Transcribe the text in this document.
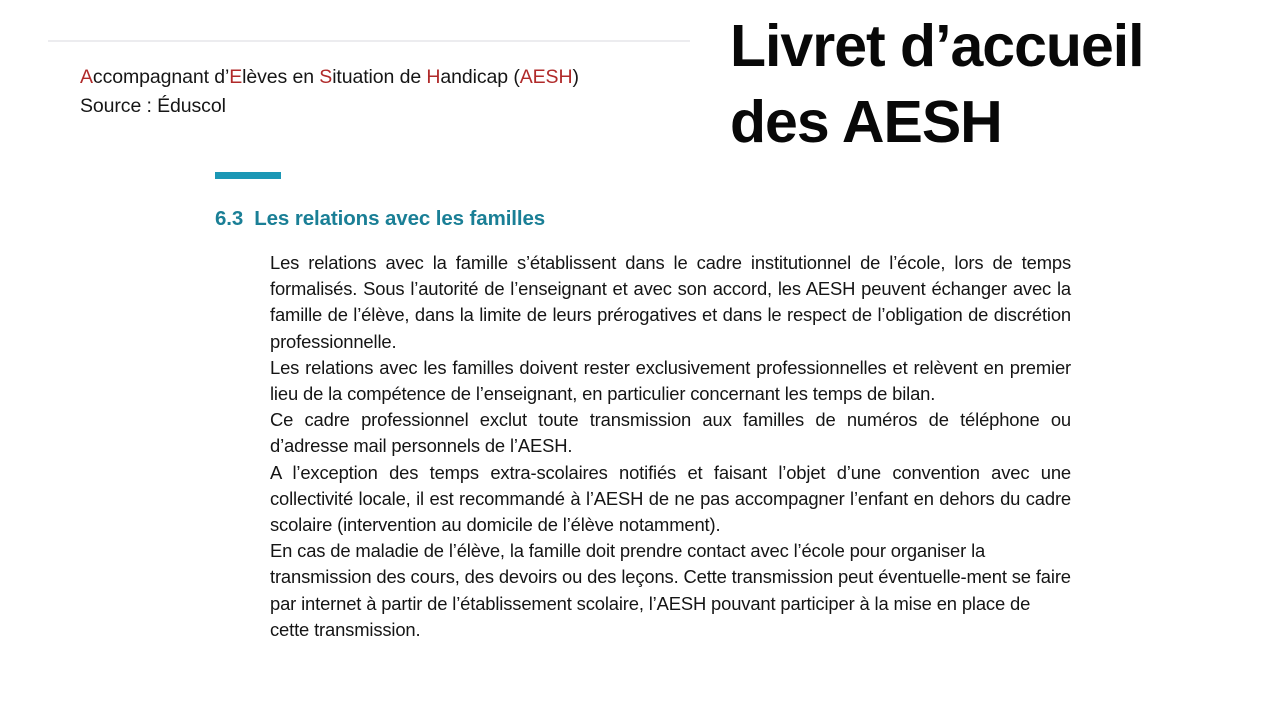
Accompagnant d’Elèves en Situation de Handicap (AESH)
Source : Éduscol
Livret d’accueil
des AESH
6.3 Les relations avec les familles

Les relations avec la famille s’établissent dans le cadre institutionnel de l’école, lors de temps formalisés. Sous l’autorité de l’enseignant et avec son accord, les AESH peuvent échanger avec la famille de l’élève, dans la limite de leurs prérogatives et dans le respect de l’obligation de discrétion professionnelle.

Les relations avec les familles doivent rester exclusivement professionnelles et relèvent en premier lieu de la compétence de l’enseignant, en particulier concernant les temps de bilan.

Ce cadre professionnel exclut toute transmission aux familles de numéros de téléphone ou d’adresse mail personnels de l’AESH.

A l’exception des temps extra-scolaires notifiés et faisant l’objet d’une convention avec une collectivité locale, il est recommandé à l’AESH de ne pas accompagner l’enfant en dehors du cadre scolaire (intervention au domicile de l’élève notamment).

En cas de maladie de l’élève, la famille doit prendre contact avec l’école pour organiser la transmission des cours, des devoirs ou des leçons. Cette transmission peut éventuelle-ment se faire par internet à partir de l’établissement scolaire, l’AESH pouvant participer à la mise en place de cette transmission.
